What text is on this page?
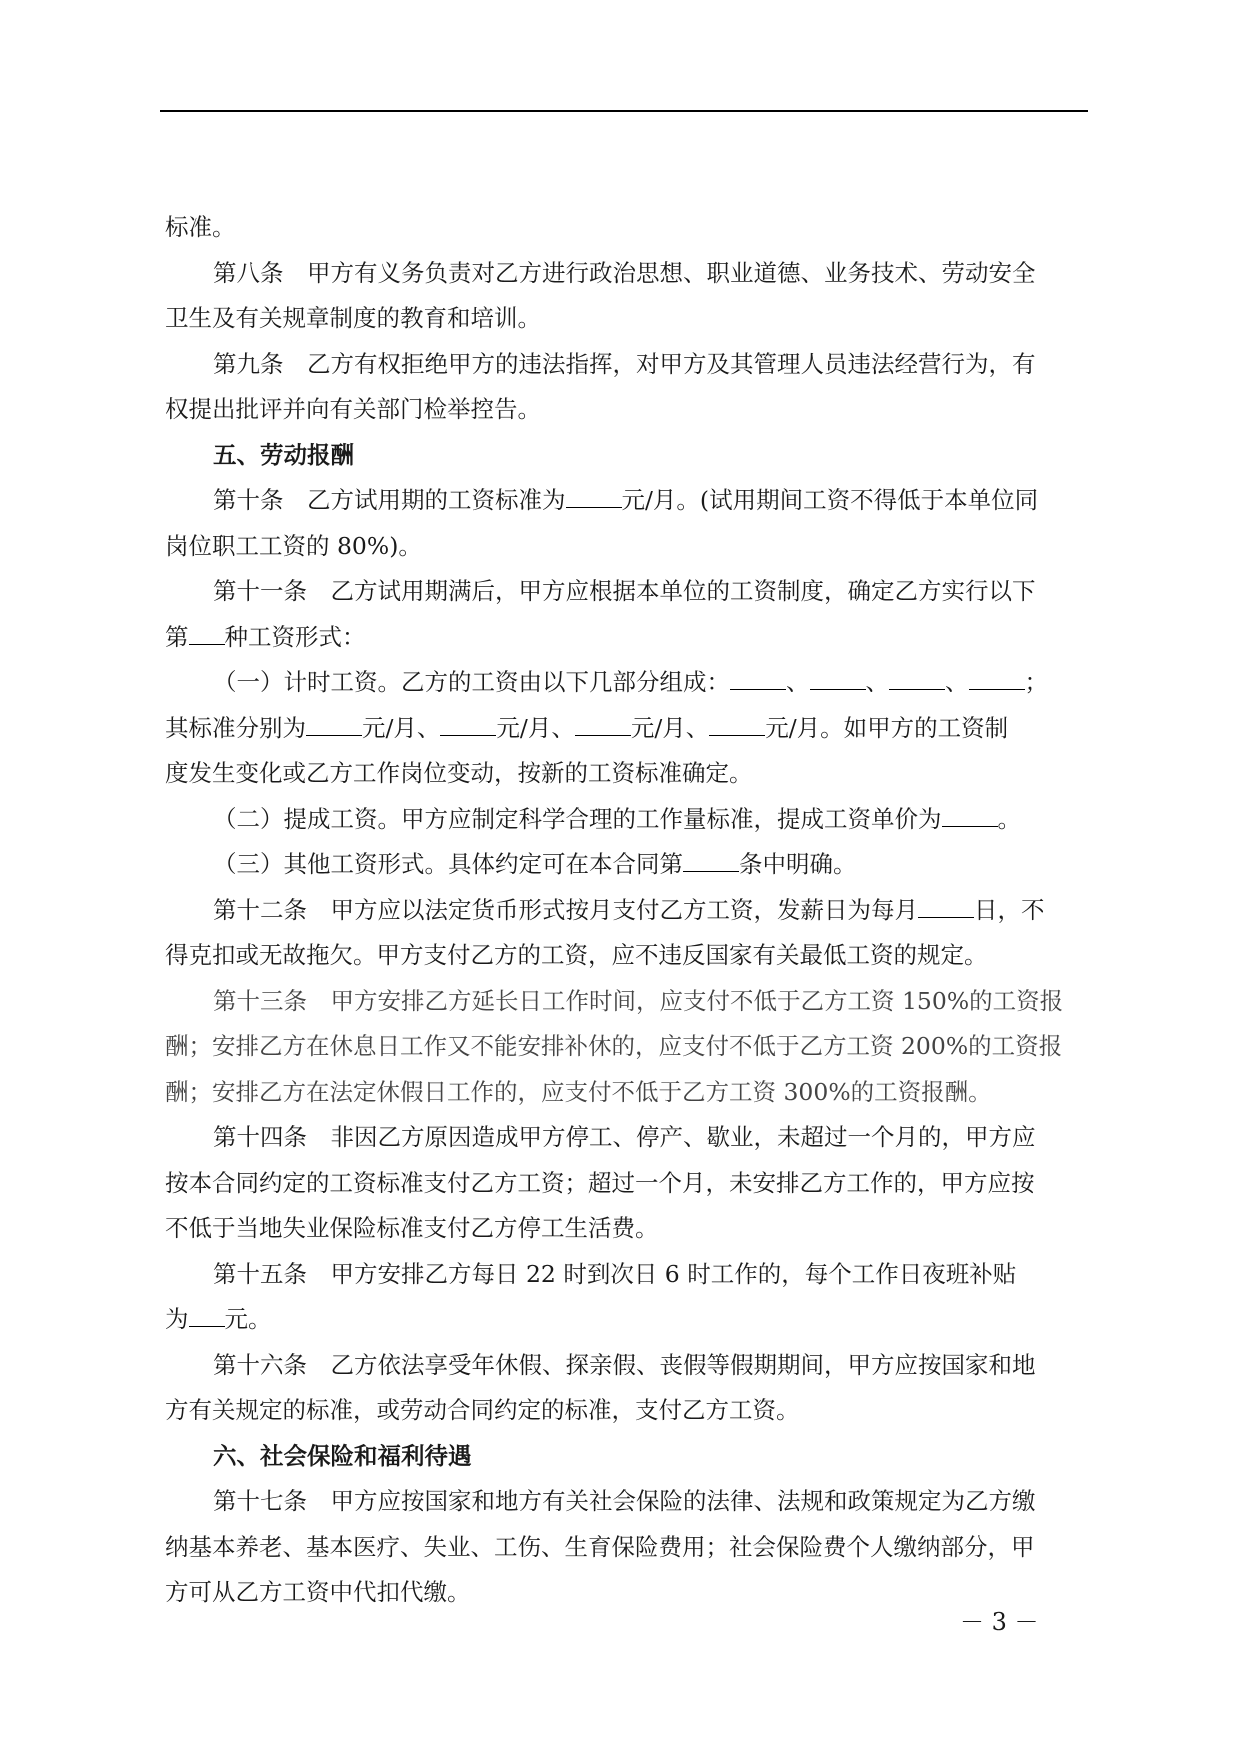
标准。
第八条　甲方有义务负责对乙方进行政治思想、职业道德、业务技术、劳动安全
卫生及有关规章制度的教育和培训。
第九条　乙方有权拒绝甲方的违法指挥，对甲方及其管理人员违法经营行为，有
权提出批评并向有关部门检举控告。
五、劳动报酬
第十条　乙方试用期的工资标准为 元/月。(试用期间工资不得低于本单位同
岗位职工工资的 80%)。
第十一条　乙方试用期满后，甲方应根据本单位的工资制度，确定乙方实行以下
第 种工资形式：
（一）计时工资。乙方的工资由以下几部分组成： 、 、 、 ；
其标准分别为 元/月、 元/月、 元/月、 元/月。如甲方的工资制
度发生变化或乙方工作岗位变动，按新的工资标准确定。
（二）提成工资。甲方应制定科学合理的工作量标准，提成工资单价为 。
（三）其他工资形式。具体约定可在本合同第 条中明确。
第十二条　甲方应以法定货币形式按月支付乙方工资，发薪日为每月 日，不
得克扣或无故拖欠。甲方支付乙方的工资，应不违反国家有关最低工资的规定。
第十三条　甲方安排乙方延长日工作时间，应支付不低于乙方工资 150%的工资报
酬；安排乙方在休息日工作又不能安排补休的，应支付不低于乙方工资 200%的工资报
酬；安排乙方在法定休假日工作的，应支付不低于乙方工资 300%的工资报酬。
第十四条　非因乙方原因造成甲方停工、停产、歇业，未超过一个月的，甲方应
按本合同约定的工资标准支付乙方工资；超过一个月，未安排乙方工作的，甲方应按
不低于当地失业保险标准支付乙方停工生活费。
第十五条　甲方安排乙方每日 22 时到次日 6 时工作的，每个工作日夜班补贴
为 元。
第十六条　乙方依法享受年休假、探亲假、丧假等假期期间，甲方应按国家和地
方有关规定的标准，或劳动合同约定的标准，支付乙方工资。
六、社会保险和福利待遇
第十七条　甲方应按国家和地方有关社会保险的法律、法规和政策规定为乙方缴
纳基本养老、基本医疗、失业、工伤、生育保险费用；社会保险费个人缴纳部分，甲
方可从乙方工资中代扣代缴。
－ 3 －
